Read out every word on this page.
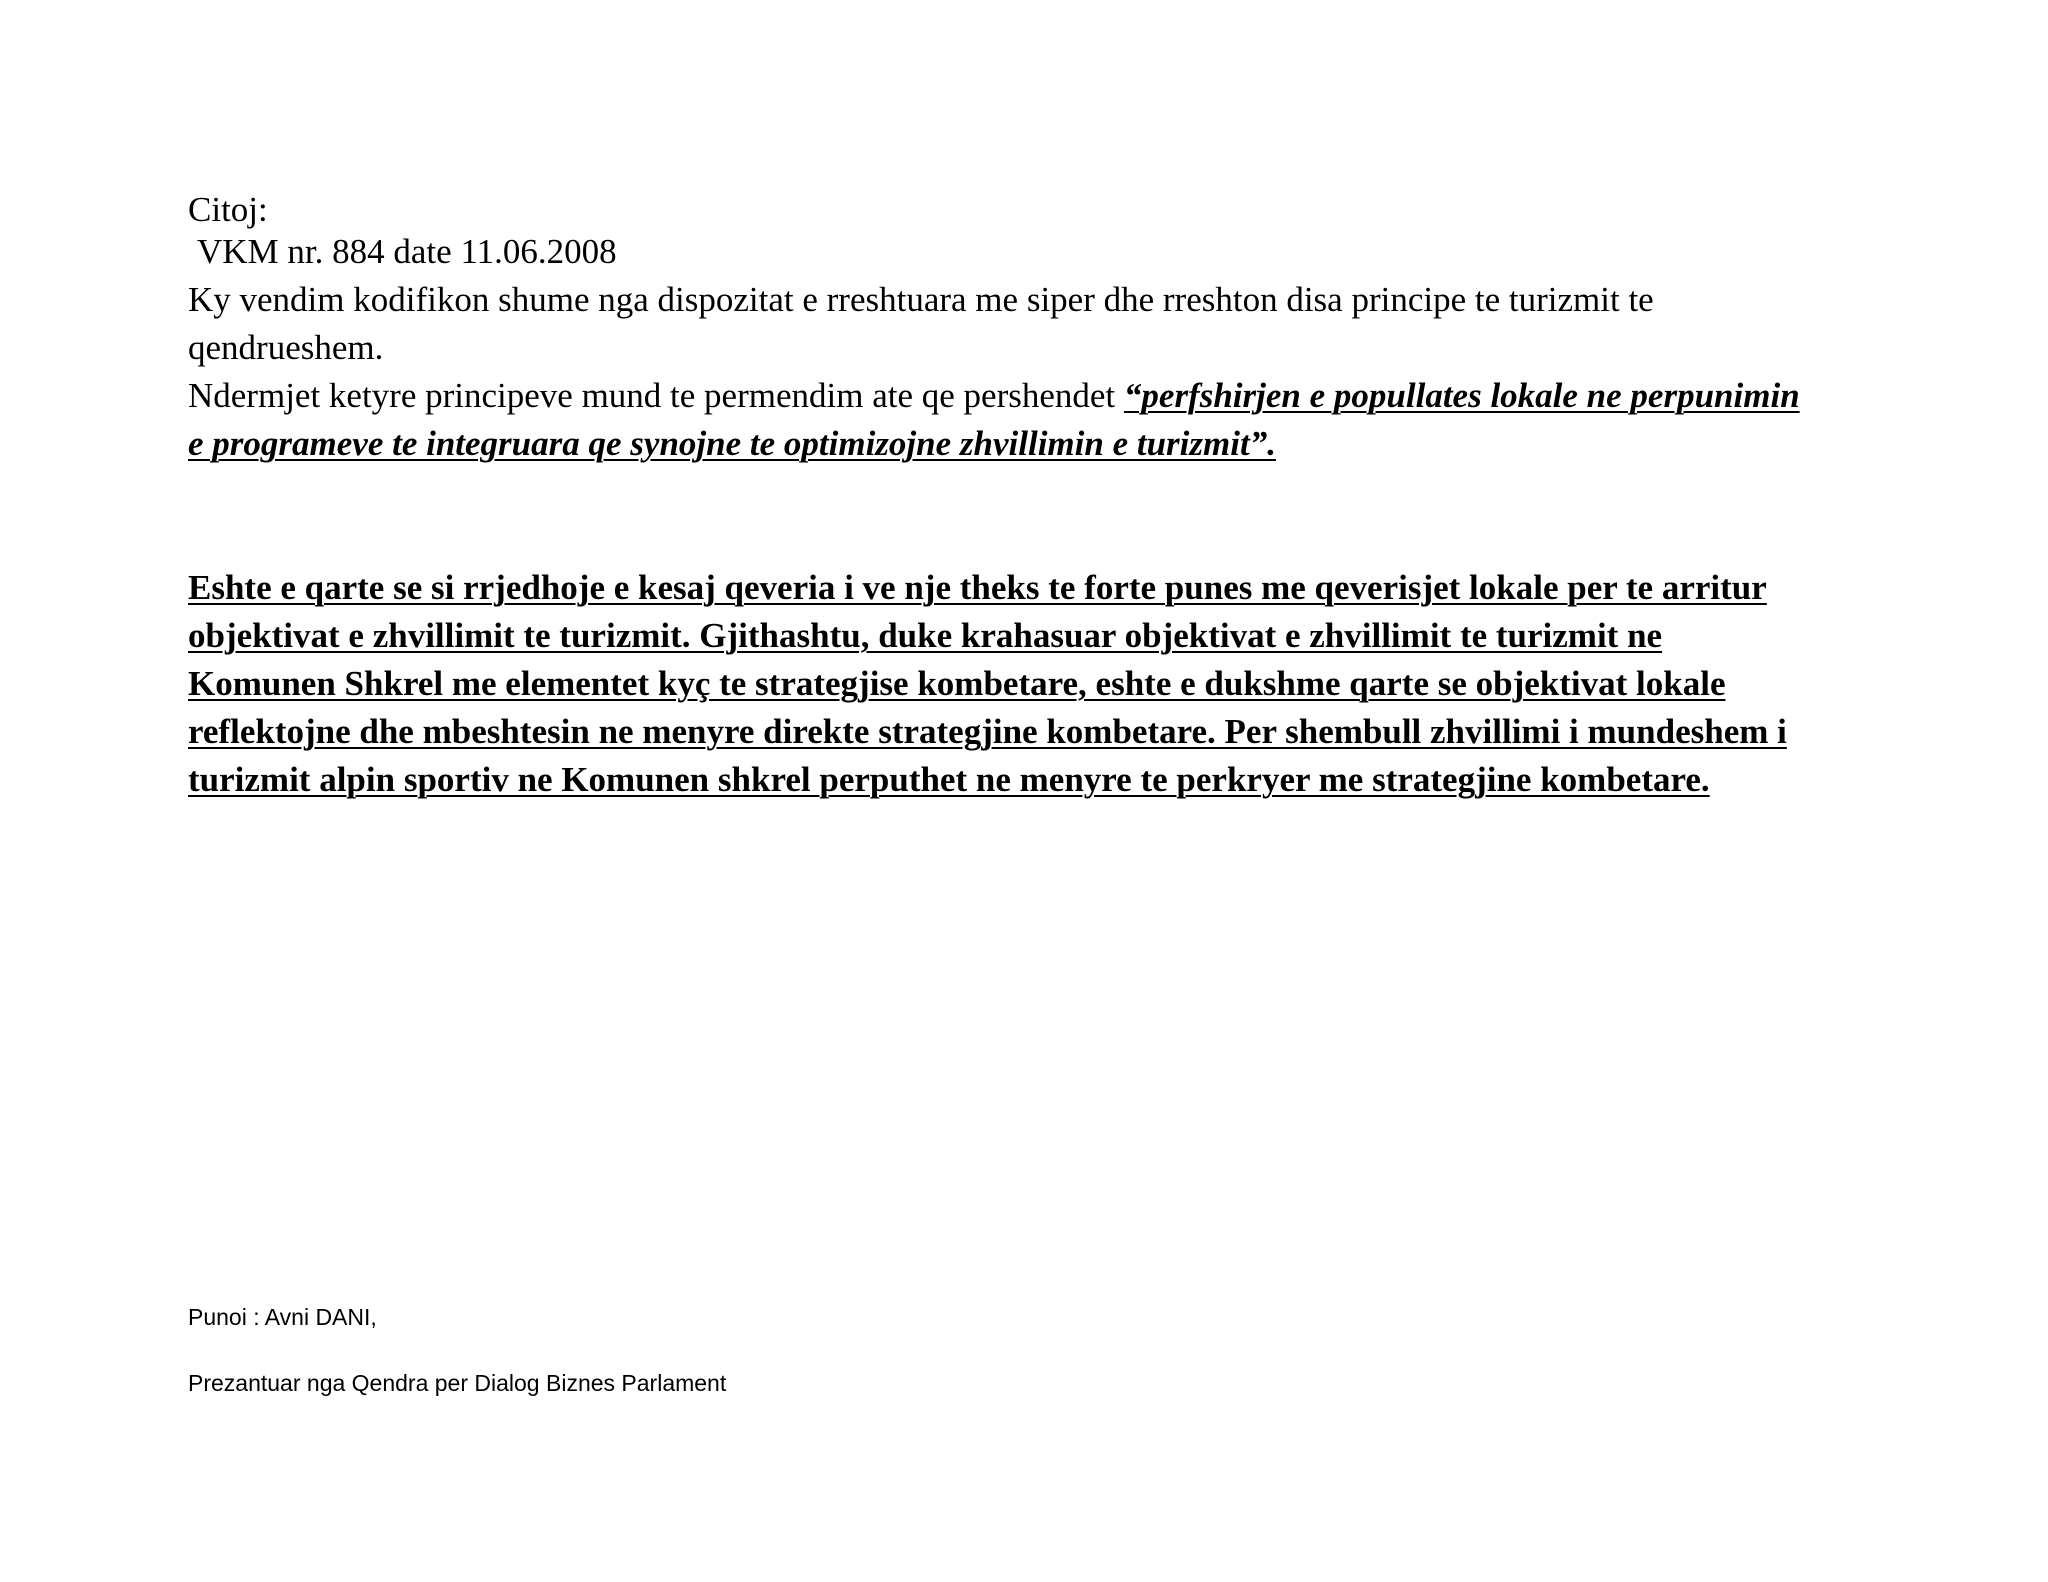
Citoj:
VKM nr. 884 date 11.06.2008
Ky vendim kodifikon shume nga dispozitat e rreshtuara me siper dhe rreshton disa principe te turizmit te
qendrueshem.
Ndermjet ketyre principeve mund te permendim ate qe pershendet “perfshirjen e popullates lokale ne perpunimin
e programeve te integruara qe synojne te optimizojne zhvillimin e turizmit”.
Eshte e qarte se si rrjedhoje e kesaj qeveria i ve nje theks te forte punes me qeverisjet lokale per te arritur
objektivat e zhvillimit te turizmit. Gjithashtu, duke krahasuar objektivat e zhvillimit te turizmit ne
Komunen Shkrel me elementet kyç te strategjise kombetare, eshte e dukshme qarte se objektivat lokale
reflektojne dhe mbeshtesin ne menyre direkte strategjine kombetare. Per shembull zhvillimi i mundeshem i
turizmit alpin sportiv ne Komunen shkrel perputhet ne menyre te perkryer me strategjine kombetare.
Punoi : Avni DANI,
Prezantuar nga Qendra per Dialog Biznes Parlament
